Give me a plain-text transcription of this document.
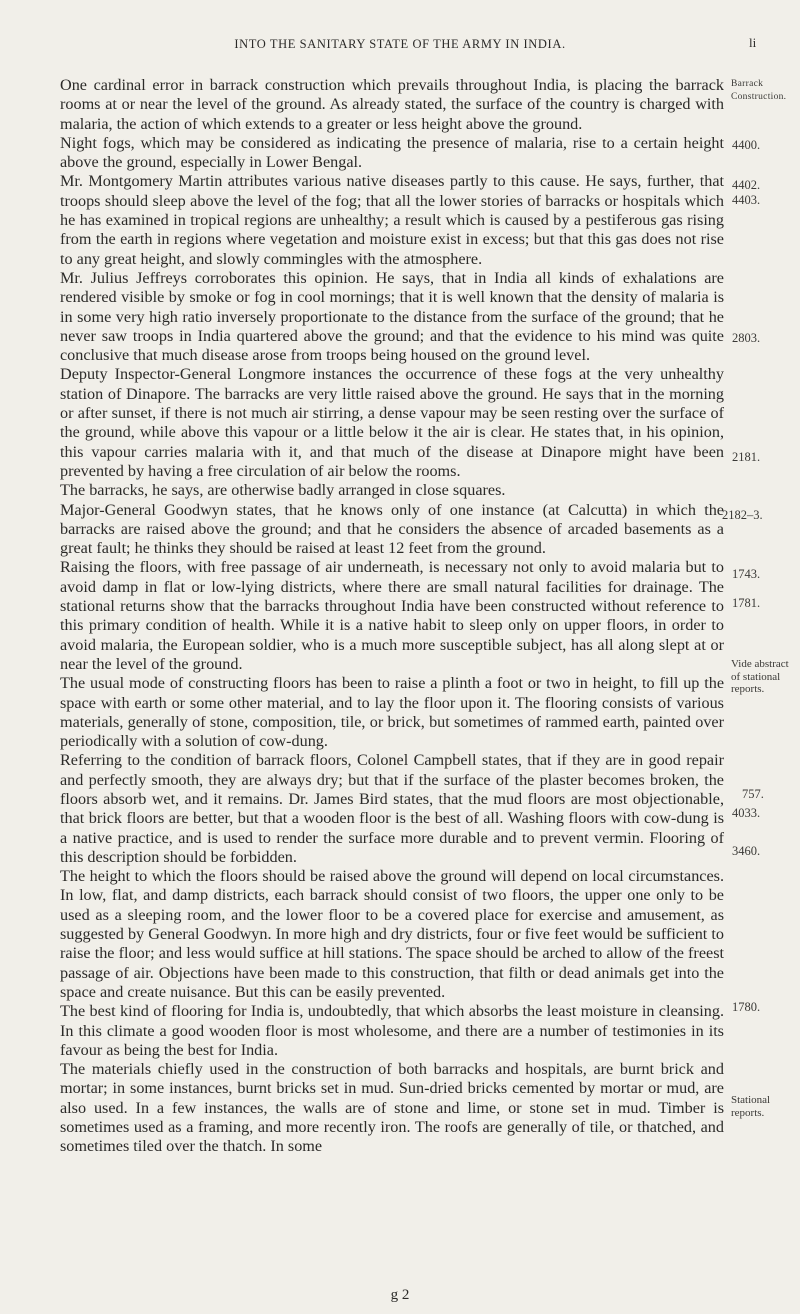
INTO THE SANITARY STATE OF THE ARMY IN INDIA.	li

One cardinal error in barrack construction which prevails throughout India, is placing the barrack rooms at or near the level of the ground. As already stated, the surface of the country is charged with malaria, the action of which extends to a greater or less height above the ground.

Night fogs, which may be considered as indicating the presence of malaria, rise to a certain height above the ground, especially in Lower Bengal.

Mr. Montgomery Martin attributes various native diseases partly to this cause. He says, further, that troops should sleep above the level of the fog; that all the lower stories of barracks or hospitals which he has examined in tropical regions are unhealthy; a result which is caused by a pestiferous gas rising from the earth in regions where vegetation and moisture exist in excess; but that this gas does not rise to any great height, and slowly commingles with the atmosphere.

Mr. Julius Jeffreys corroborates this opinion. He says, that in India all kinds of exhalations are rendered visible by smoke or fog in cool mornings; that it is well known that the density of malaria is in some very high ratio inversely proportionate to the distance from the surface of the ground; that he never saw troops in India quartered above the ground; and that the evidence to his mind was quite conclusive that much disease arose from troops being housed on the ground level.

Deputy Inspector-General Longmore instances the occurrence of these fogs at the very unhealthy station of Dinapore. The barracks are very little raised above the ground. He says that in the morning or after sunset, if there is not much air stirring, a dense vapour may be seen resting over the surface of the ground, while above this vapour or a little below it the air is clear. He states that, in his opinion, this vapour carries malaria with it, and that much of the disease at Dinapore might have been prevented by having a free circulation of air below the rooms.

The barracks, he says, are otherwise badly arranged in close squares.

Major-General Goodwyn states, that he knows only of one instance (at Calcutta) in which the barracks are raised above the ground; and that he considers the absence of arcaded basements as a great fault; he thinks they should be raised at least 12 feet from the ground.

Raising the floors, with free passage of air underneath, is necessary not only to avoid malaria but to avoid damp in flat or low-lying districts, where there are small natural facilities for drainage. The stational returns show that the barracks throughout India have been constructed without reference to this primary condition of health. While it is a native habit to sleep only on upper floors, in order to avoid malaria, the European soldier, who is a much more susceptible subject, has all along slept at or near the level of the ground.

The usual mode of constructing floors has been to raise a plinth a foot or two in height, to fill up the space with earth or some other material, and to lay the floor upon it. The flooring consists of various materials, generally of stone, composition, tile, or brick, but sometimes of rammed earth, painted over periodically with a solution of cow-dung.

Referring to the condition of barrack floors, Colonel Campbell states, that if they are in good repair and perfectly smooth, they are always dry; but that if the surface of the plaster becomes broken, the floors absorb wet, and it remains. Dr. James Bird states, that the mud floors are most objectionable, that brick floors are better, but that a wooden floor is the best of all. Washing floors with cow-dung is a native practice, and is used to render the surface more durable and to prevent vermin. Flooring of this description should be forbidden.

The height to which the floors should be raised above the ground will depend on local circumstances. In low, flat, and damp districts, each barrack should consist of two floors, the upper one only to be used as a sleeping room, and the lower floor to be a covered place for exercise and amusement, as suggested by General Goodwyn. In more high and dry districts, four or five feet would be sufficient to raise the floor; and less would suffice at hill stations. The space should be arched to allow of the freest passage of air. Objections have been made to this construction, that filth or dead animals get into the space and create nuisance. But this can be easily prevented.

The best kind of flooring for India is, undoubtedly, that which absorbs the least moisture in cleansing. In this climate a good wooden floor is most wholesome, and there are a number of testimonies in its favour as being the best for India.

The materials chiefly used in the construction of both barracks and hospitals, are burnt brick and mortar; in some instances, burnt bricks set in mud. Sun-dried bricks cemented by mortar or mud, are also used. In a few instances, the walls are of stone and lime, or stone set in mud. Timber is sometimes used as a framing, and more recently iron. The roofs are generally of tile, or thatched, and sometimes tiled over the thatch. In some

Barrack Construction.
Vide abstract of stational reports.
Stational reports.
4400.
4402.
4403.
2803.
2181.
2182–3.
1743.
1781.
757.
4033.
3460.
1780.
g 2
